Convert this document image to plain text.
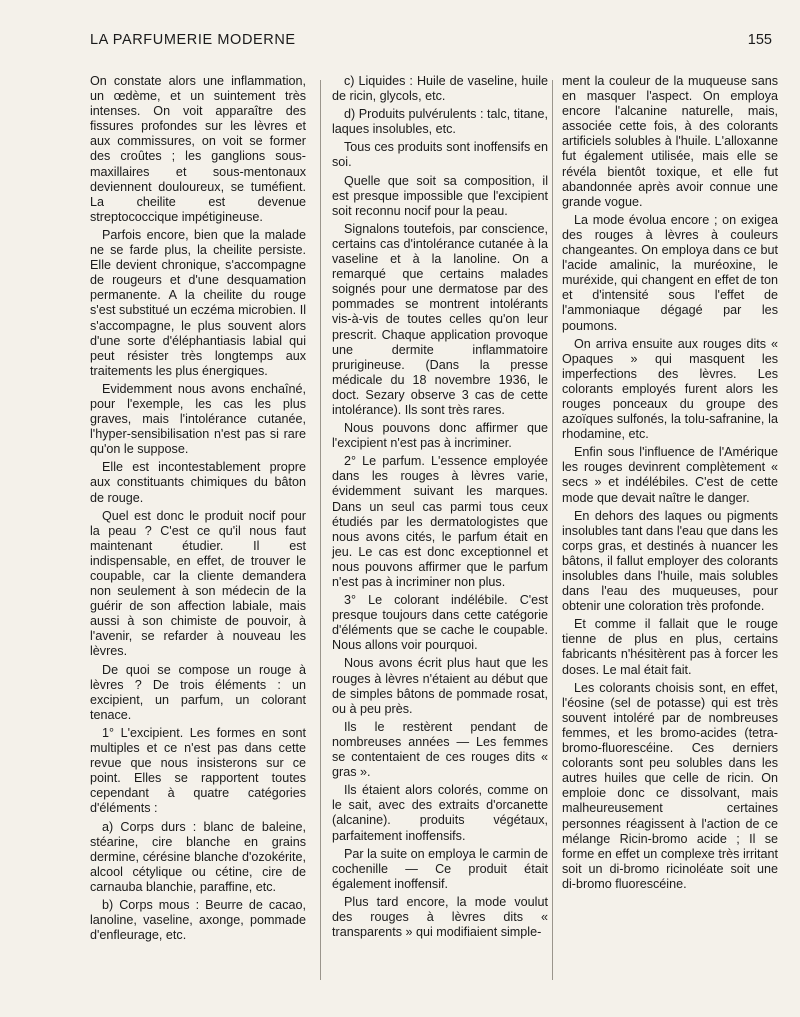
LA PARFUMERIE MODERNE	155

On constate alors une inflammation, un œdème, et un suintement très intenses. On voit apparaître des fissures profondes sur les lèvres et aux commissures, on voit se former des croûtes ; les ganglions sous-maxillaires et sous-mentonaux deviennent douloureux, se tuméfient. La cheilite est devenue streptococcique impétigineuse.

Parfois encore, bien que la malade ne se farde plus, la cheilite persiste. Elle devient chronique, s'accompagne de rougeurs et d'une desquamation permanente. A la cheilite du rouge s'est substitué un eczéma microbien. Il s'accompagne, le plus souvent alors d'une sorte d'éléphantiasis labial qui peut résister très longtemps aux traitements les plus énergiques.

Evidemment nous avons enchaîné, pour l'exemple, les cas les plus graves, mais l'intolérance cutanée, l'hyper-sensibilisation n'est pas si rare qu'on le suppose.

Elle est incontestablement propre aux constituants chimiques du bâton de rouge.

Quel est donc le produit nocif pour la peau ? C'est ce qu'il nous faut maintenant étudier. Il est indispensable, en effet, de trouver le coupable, car la cliente demandera non seulement à son médecin de la guérir de son affection labiale, mais aussi à son chimiste de pouvoir, à l'avenir, se refarder à nouveau les lèvres.

De quoi se compose un rouge à lèvres ? De trois éléments : un excipient, un parfum, un colorant tenace.

1° L'excipient. Les formes en sont multiples et ce n'est pas dans cette revue que nous insisterons sur ce point. Elles se rapportent toutes cependant à quatre catégories d'éléments :

a) Corps durs : blanc de baleine, stéarine, cire blanche en grains dermine, cérésine blanche d'ozokérite, alcool cétylique ou cétine, cire de carnauba blanchie, paraffine, etc.

b) Corps mous : Beurre de cacao, lanoline, vaseline, axonge, pommade d'enfleurage, etc.

c) Liquides : Huile de vaseline, huile de ricin, glycols, etc.

d) Produits pulvérulents : talc, titane, laques insolubles, etc.

Tous ces produits sont inoffensifs en soi.

Quelle que soit sa composition, il est presque impossible que l'excipient soit reconnu nocif pour la peau.

Signalons toutefois, par conscience, certains cas d'intolérance cutanée à la vaseline et à la lanoline. On a remarqué que certains malades soignés pour une dermatose par des pommades se montrent intolérants vis-à-vis de toutes celles qu'on leur prescrit. Chaque application provoque une dermite inflammatoire prurigineuse. (Dans la presse médicale du 18 novembre 1936, le doct. Sezary observe 3 cas de cette intolérance). Ils sont très rares.

Nous pouvons donc affirmer que l'excipient n'est pas à incriminer.

2° Le parfum. L'essence employée dans les rouges à lèvres varie, évidemment suivant les marques. Dans un seul cas parmi tous ceux étudiés par les dermatologistes que nous avons cités, le parfum était en jeu. Le cas est donc exceptionnel et nous pouvons affirmer que le parfum n'est pas à incriminer non plus.

3° Le colorant indélébile. C'est presque toujours dans cette catégorie d'éléments que se cache le coupable. Nous allons voir pourquoi.

Nous avons écrit plus haut que les rouges à lèvres n'étaient au début que de simples bâtons de pommade rosat, ou à peu près.

Ils le restèrent pendant de nombreuses années — Les femmes se contentaient de ces rouges dits « gras ».

Ils étaient alors colorés, comme on le sait, avec des extraits d'orcanette (alcanine). produits végétaux, parfaitement inoffensifs.

Par la suite on employa le carmin de cochenille — Ce produit était également inoffensif.

Plus tard encore, la mode voulut des rouges à lèvres dits « transparents » qui modifiaient simple-

ment la couleur de la muqueuse sans en masquer l'aspect. On employa encore l'alcanine naturelle, mais, associée cette fois, à des colorants artificiels solubles à l'huile. L'alloxanne fut également utilisée, mais elle se révéla bientôt toxique, et elle fut abandonnée après avoir connue une grande vogue.

La mode évolua encore ; on exigea des rouges à lèvres à couleurs changeantes. On employa dans ce but l'acide amalinic, la muréoxine, le muréxide, qui changent en effet de ton et d'intensité sous l'effet de l'ammoniaque dégagé par les poumons.

On arriva ensuite aux rouges dits « Opaques » qui masquent les imperfections des lèvres. Les colorants employés furent alors les rouges ponceaux du groupe des azoïques sulfonés, la tolu-safranine, la rhodamine, etc.

Enfin sous l'influence de l'Amérique les rouges devinrent complètement « secs » et indélébiles. C'est de cette mode que devait naître le danger.

En dehors des laques ou pigments insolubles tant dans l'eau que dans les corps gras, et destinés à nuancer les bâtons, il fallut employer des colorants insolubles dans l'huile, mais solubles dans l'eau des muqueuses, pour obtenir une coloration très profonde.

Et comme il fallait que le rouge tienne de plus en plus, certains fabricants n'hésitèrent pas à forcer les doses. Le mal était fait.

Les colorants choisis sont, en effet, l'éosine (sel de potasse) qui est très souvent intoléré par de nombreuses femmes, et les bromo-acides (tetra-bromo-fluorescéine. Ces derniers colorants sont peu solubles dans les autres huiles que celle de ricin. On emploie donc ce dissolvant, mais malheureusement certaines personnes réagissent à l'action de ce mélange Ricin-bromo acide ; Il se forme en effet un complexe très irritant soit un di-bromo ricinoléate soit une di-bromo fluorescéine.
